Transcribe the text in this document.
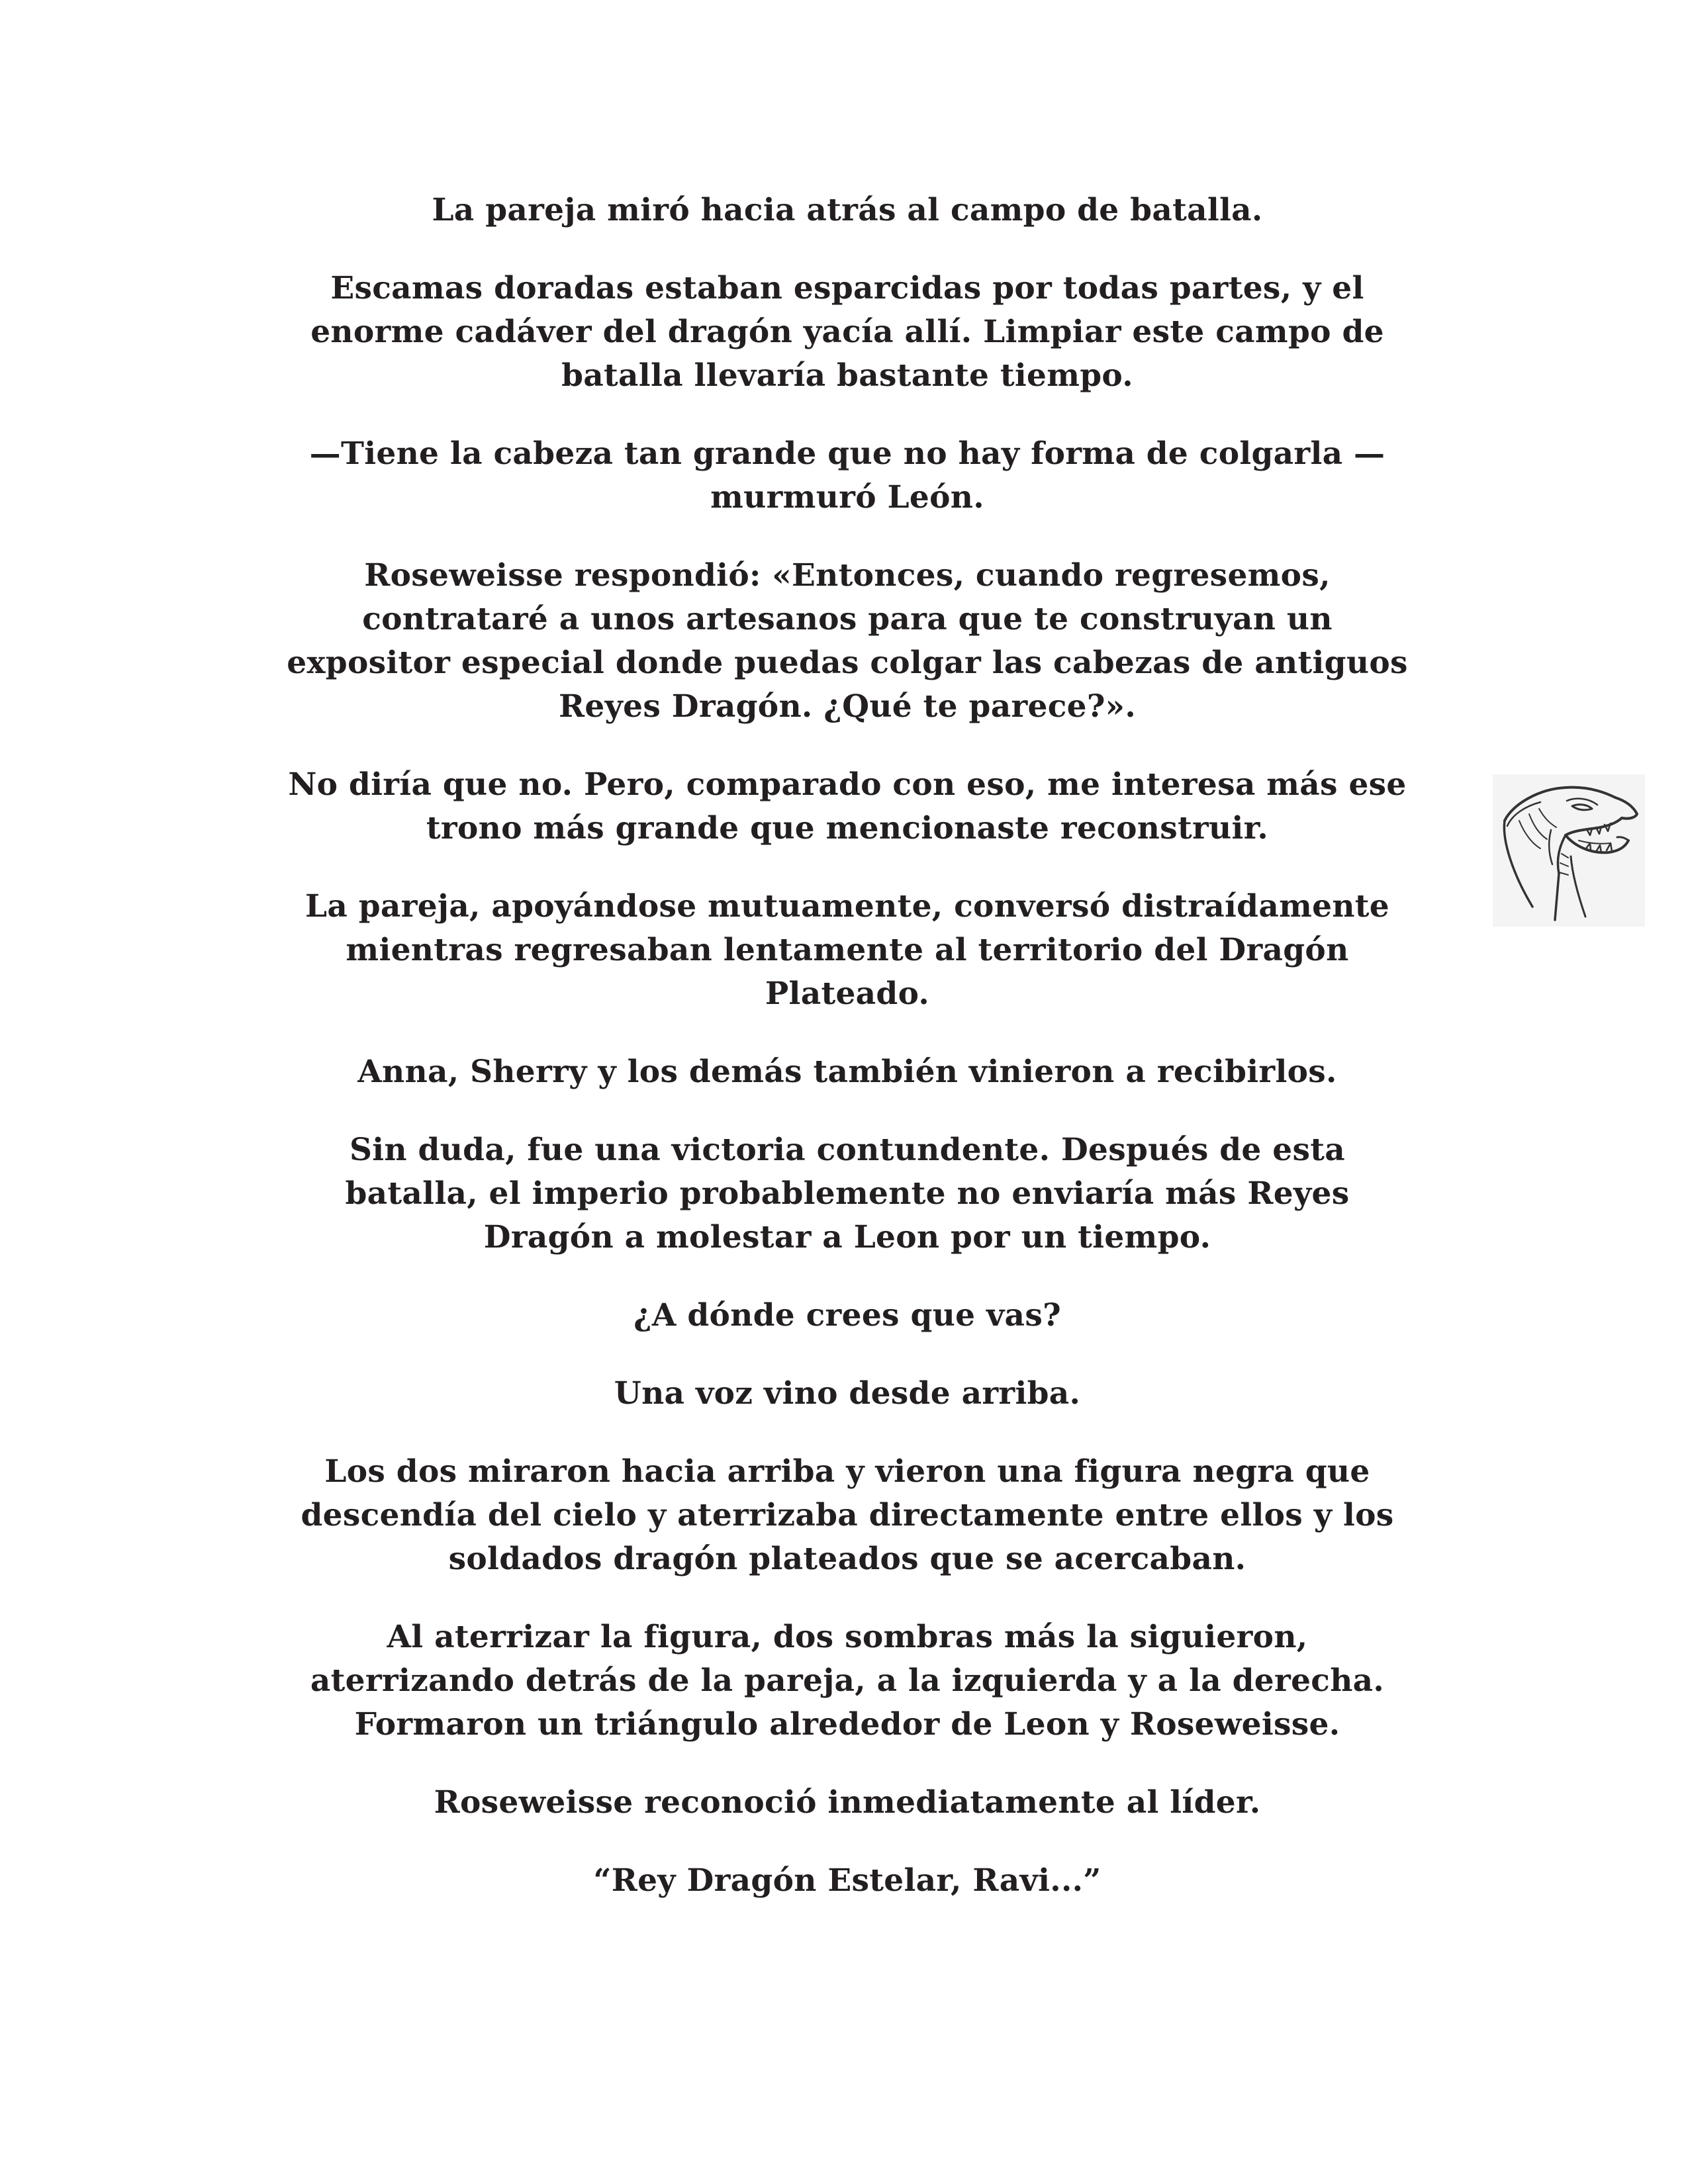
La pareja miró hacia atrás al campo de batalla.

Escamas doradas estaban esparcidas por todas partes, y el
enorme cadáver del dragón yacía allí. Limpiar este campo de
batalla llevaría bastante tiempo.

—Tiene la cabeza tan grande que no hay forma de colgarla —
murmuró León.

Roseweisse respondió: «Entonces, cuando regresemos,
contrataré a unos artesanos para que te construyan un
expositor especial donde puedas colgar las cabezas de antiguos
Reyes Dragón. ¿Qué te parece?».

No diría que no. Pero, comparado con eso, me interesa más ese
trono más grande que mencionaste reconstruir.

La pareja, apoyándose mutuamente, conversó distraídamente
mientras regresaban lentamente al territorio del Dragón
Plateado.

Anna, Sherry y los demás también vinieron a recibirlos.

Sin duda, fue una victoria contundente. Después de esta
batalla, el imperio probablemente no enviaría más Reyes
Dragón a molestar a Leon por un tiempo.

¿A dónde crees que vas?

Una voz vino desde arriba.

Los dos miraron hacia arriba y vieron una figura negra que
descendía del cielo y aterrizaba directamente entre ellos y los
soldados dragón plateados que se acercaban.

Al aterrizar la figura, dos sombras más la siguieron,
aterrizando detrás de la pareja, a la izquierda y a la derecha.
Formaron un triángulo alrededor de Leon y Roseweisse.

Roseweisse reconoció inmediatamente al líder.

“Rey Dragón Estelar, Ravi...”
